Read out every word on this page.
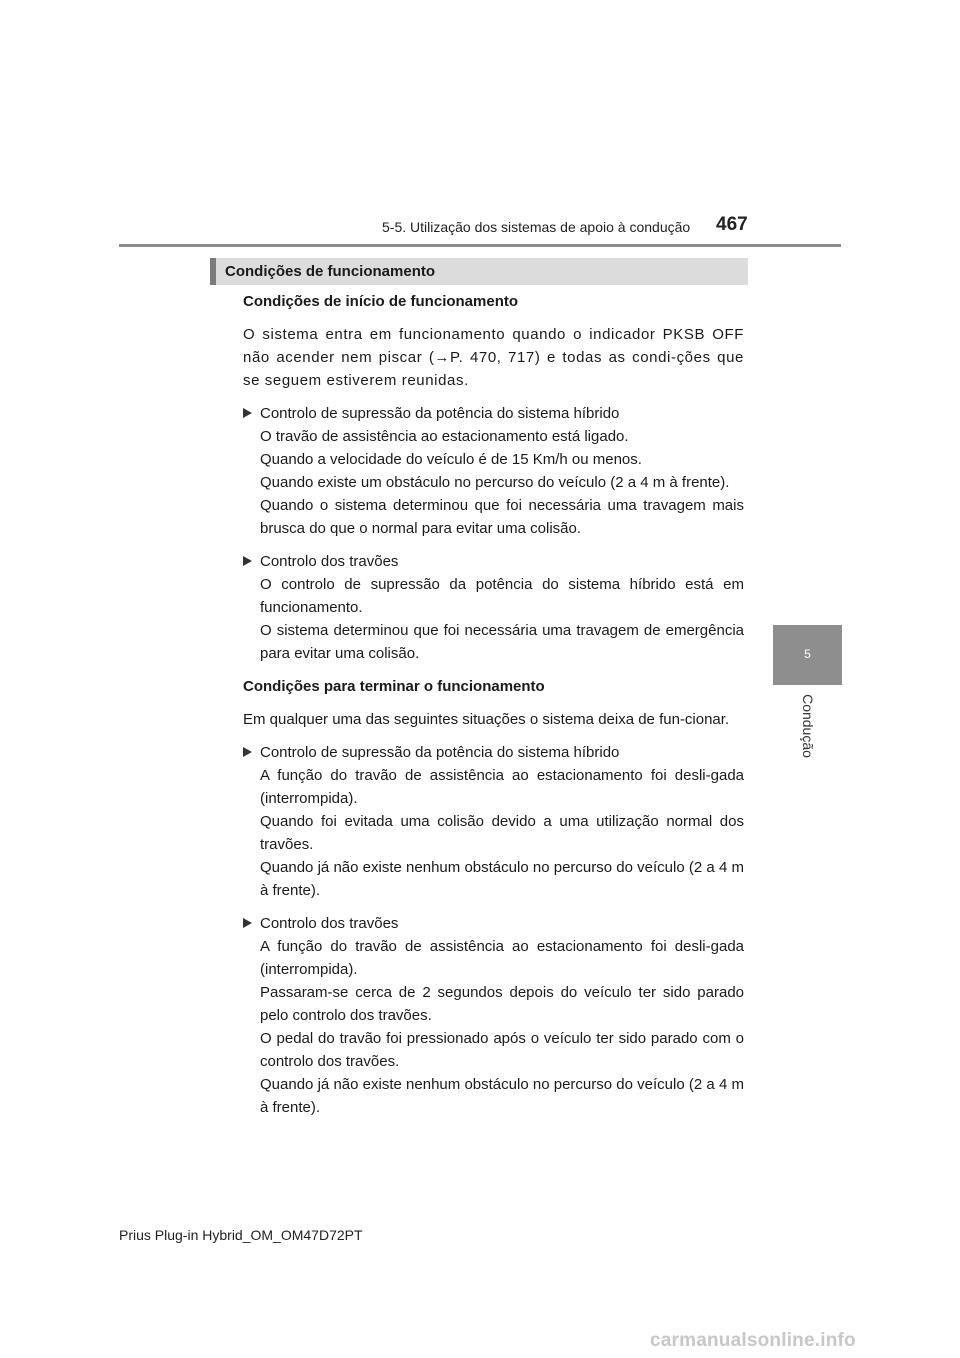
5-5. Utilização dos sistemas de apoio à condução 467
5
Condução
Condições de funcionamento
Condições de início de funcionamento
O sistema entra em funcionamento quando o indicador PKSB OFF não acender nem piscar (→P. 470, 717) e todas as condi-ções que se seguem estiverem reunidas.
Controlo de supressão da potência do sistema híbrido
O travão de assistência ao estacionamento está ligado.
Quando a velocidade do veículo é de 15 Km/h ou menos.
Quando existe um obstáculo no percurso do veículo (2 a 4 m à frente).
Quando o sistema determinou que foi necessária uma travagem mais brusca do que o normal para evitar uma colisão.
Controlo dos travões
O controlo de supressão da potência do sistema híbrido está em funcionamento.
O sistema determinou que foi necessária uma travagem de emergência para evitar uma colisão.
Condições para terminar o funcionamento
Em qualquer uma das seguintes situações o sistema deixa de fun-cionar.
Controlo de supressão da potência do sistema híbrido
A função do travão de assistência ao estacionamento foi desli-gada (interrompida).
Quando foi evitada uma colisão devido a uma utilização normal dos travões.
Quando já não existe nenhum obstáculo no percurso do veículo (2 a 4 m à frente).
Controlo dos travões
A função do travão de assistência ao estacionamento foi desli-gada (interrompida).
Passaram-se cerca de 2 segundos depois do veículo ter sido parado pelo controlo dos travões.
O pedal do travão foi pressionado após o veículo ter sido parado com o controlo dos travões.
Quando já não existe nenhum obstáculo no percurso do veículo (2 a 4 m à frente).
Prius Plug-in Hybrid_OM_OM47D72PT
carmanualsonline.info
